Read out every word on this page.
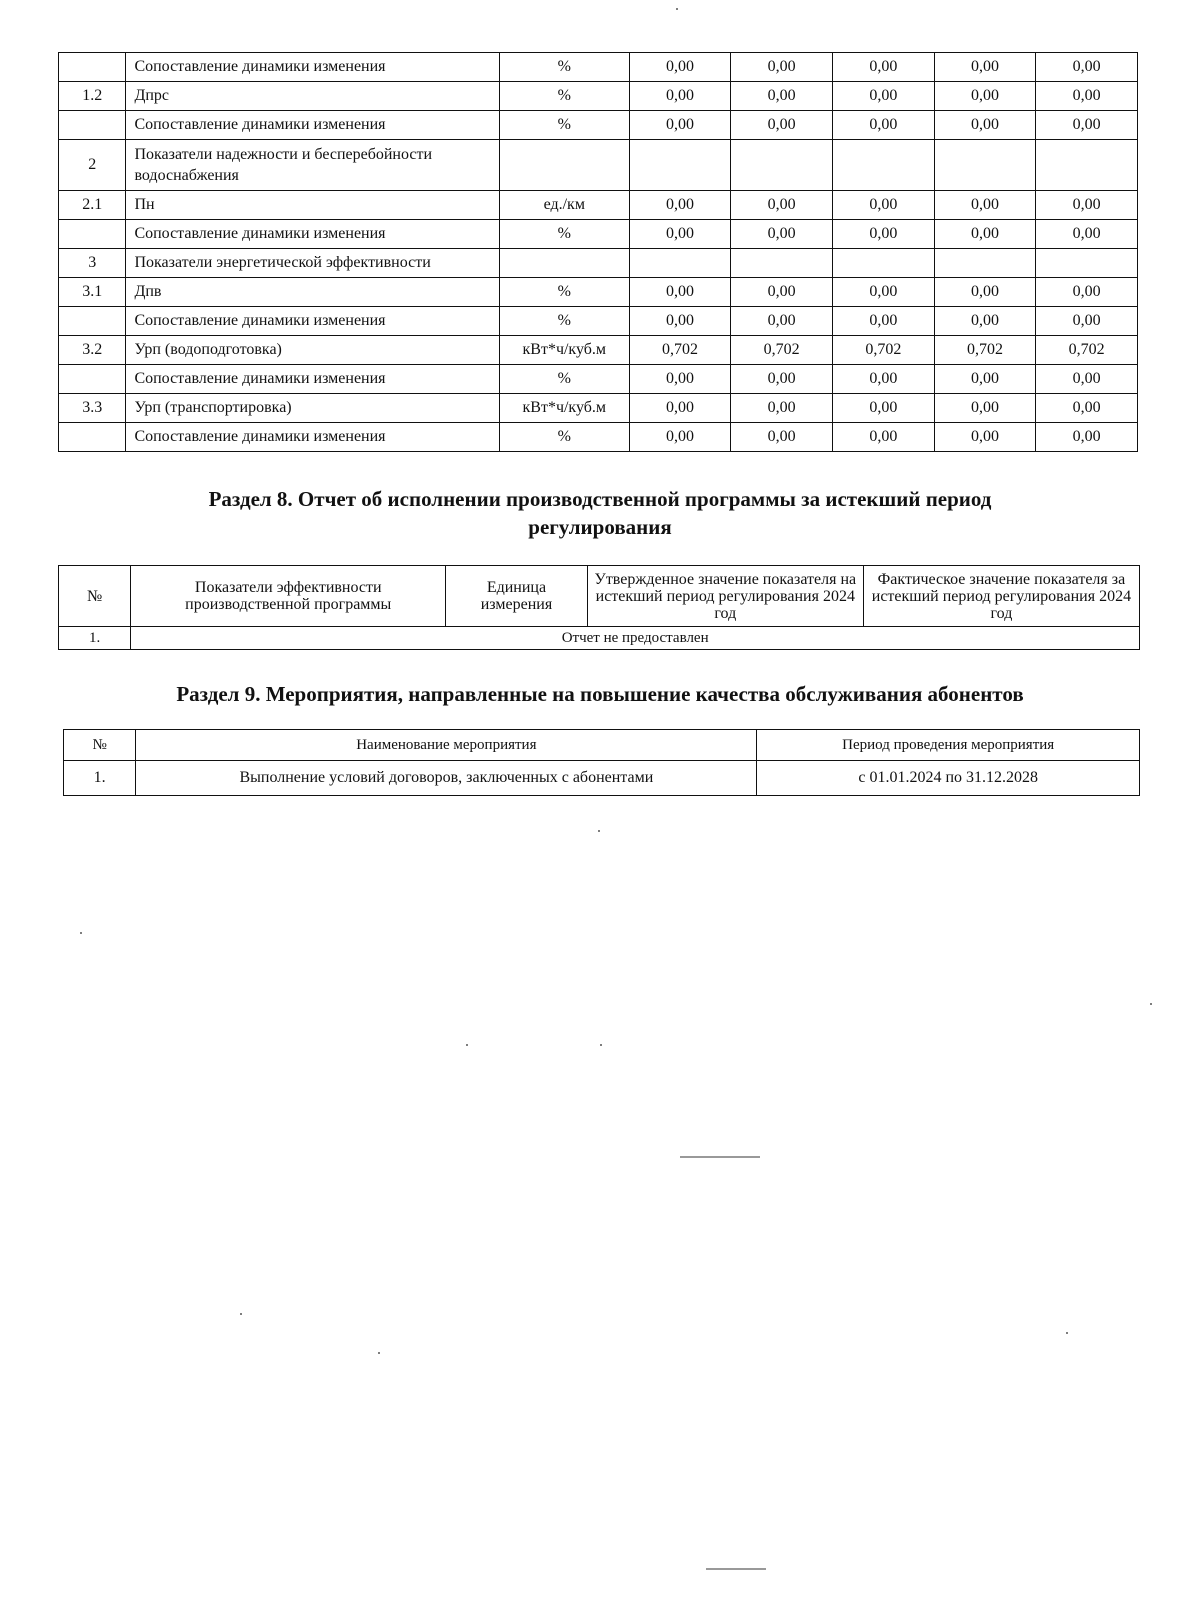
	Сопоставление динамики изменения	%	0,00	0,00	0,00	0,00	0,00
1.2	Дпрс	%	0,00	0,00	0,00	0,00	0,00
	Сопоставление динамики изменения	%	0,00	0,00	0,00	0,00	0,00
2	Показатели надежности и бесперебойности водоснабжения						
2.1	Пн	ед./км	0,00	0,00	0,00	0,00	0,00
	Сопоставление динамики изменения	%	0,00	0,00	0,00	0,00	0,00
3	Показатели энергетической эффективности						
3.1	Дпв	%	0,00	0,00	0,00	0,00	0,00
	Сопоставление динамики изменения	%	0,00	0,00	0,00	0,00	0,00
3.2	Урп (водоподготовка)	кВт*ч/куб.м	0,702	0,702	0,702	0,702	0,702
	Сопоставление динамики изменения	%	0,00	0,00	0,00	0,00	0,00
3.3	Урп (транспортировка)	кВт*ч/куб.м	0,00	0,00	0,00	0,00	0,00
	Сопоставление динамики изменения	%	0,00	0,00	0,00	0,00	0,00
Раздел 8. Отчет об исполнении производственной программы за истекший период регулирования
№	Показатели эффективности производственной программы	Единица измерения	Утвержденное значение показателя на истекший период регулирования 2024 год	Фактическое значение показателя за истекший период регулирования 2024 год
1.	Отчет не предоставлен			
Раздел 9. Мероприятия, направленные на повышение качества обслуживания абонентов
№	Наименование мероприятия	Период проведения мероприятия
1.	Выполнение условий договоров, заключенных с абонентами	с 01.01.2024 по 31.12.2028
